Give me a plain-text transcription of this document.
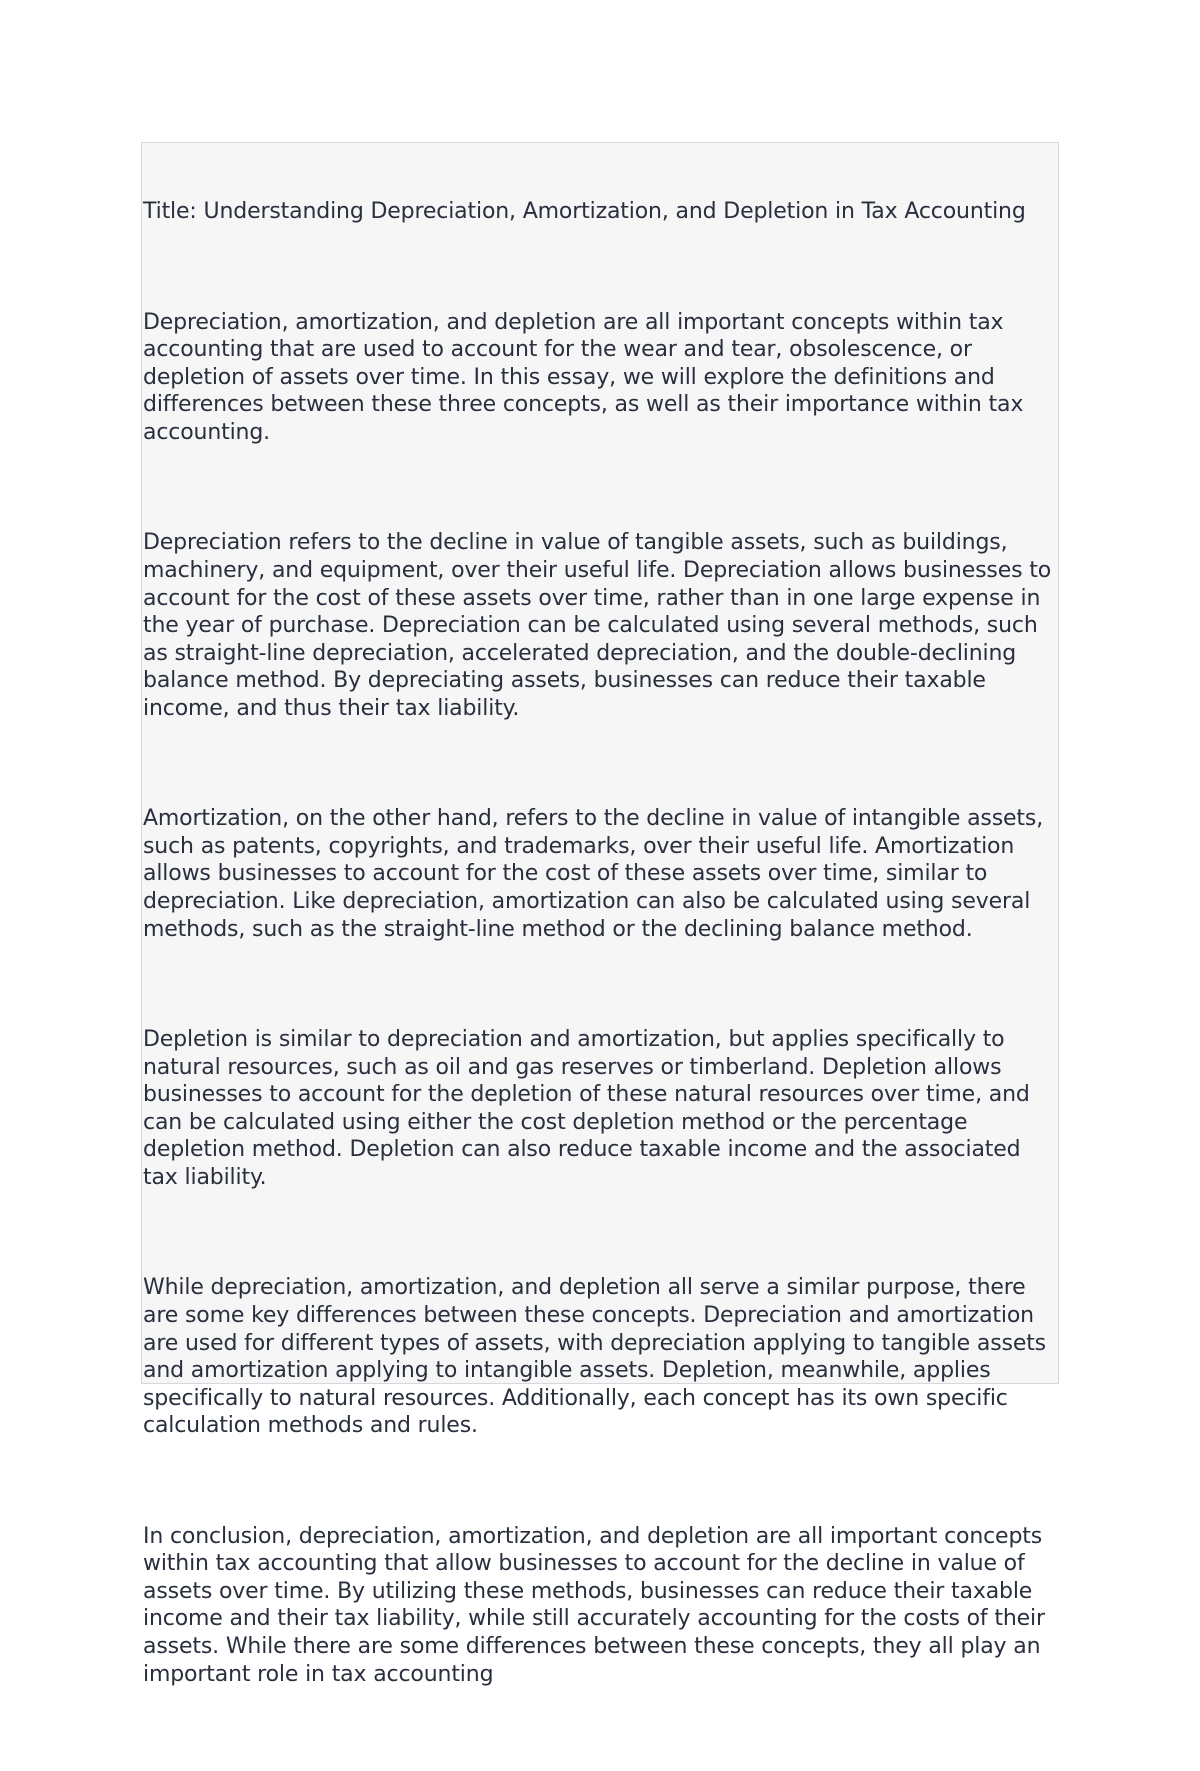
Title: Understanding Depreciation, Amortization, and Depletion in Tax Accounting

Depreciation, amortization, and depletion are all important concepts within tax accounting that are used to account for the wear and tear, obsolescence, or depletion of assets over time. In this essay, we will explore the definitions and differences between these three concepts, as well as their importance within tax accounting.

Depreciation refers to the decline in value of tangible assets, such as buildings, machinery, and equipment, over their useful life. Depreciation allows businesses to account for the cost of these assets over time, rather than in one large expense in the year of purchase. Depreciation can be calculated using several methods, such as straight-line depreciation, accelerated depreciation, and the double-declining balance method. By depreciating assets, businesses can reduce their taxable income, and thus their tax liability.

Amortization, on the other hand, refers to the decline in value of intangible assets, such as patents, copyrights, and trademarks, over their useful life. Amortization allows businesses to account for the cost of these assets over time, similar to depreciation. Like depreciation, amortization can also be calculated using several methods, such as the straight-line method or the declining balance method.

Depletion is similar to depreciation and amortization, but applies specifically to natural resources, such as oil and gas reserves or timberland. Depletion allows businesses to account for the depletion of these natural resources over time, and can be calculated using either the cost depletion method or the percentage depletion method. Depletion can also reduce taxable income and the associated tax liability.

While depreciation, amortization, and depletion all serve a similar purpose, there are some key differences between these concepts. Depreciation and amortization are used for different types of assets, with depreciation applying to tangible assets and amortization applying to intangible assets. Depletion, meanwhile, applies specifically to natural resources. Additionally, each concept has its own specific calculation methods and rules.

In conclusion, depreciation, amortization, and depletion are all important concepts within tax accounting that allow businesses to account for the decline in value of assets over time. By utilizing these methods, businesses can reduce their taxable income and their tax liability, while still accurately accounting for the costs of their assets. While there are some differences between these concepts, they all play an important role in tax accounting
